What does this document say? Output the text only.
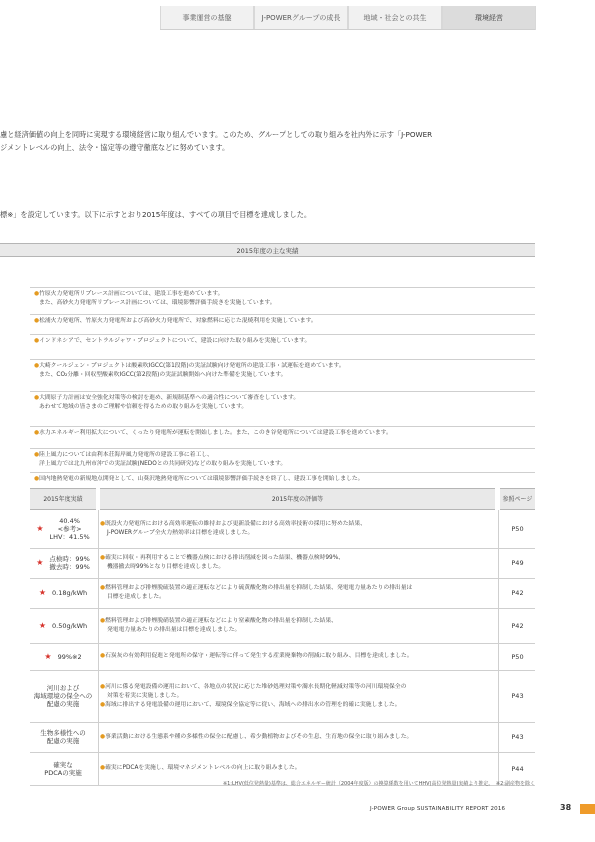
事業運営の基盤	J-POWERグループの成長	地域・社会との共生	環境経営

慮と経済価値の向上を同時に実現する環境経営に取り組んでいます。このため、グループとしての取り組みを社内外に示す「J-POWER

ジメントレベルの向上、法令・協定等の遵守徹底などに努めています。

標※」を設定しています。以下に示すとおり2015年度は、すべての項目で目標を達成しました。

2015年度の主な実績
●竹原火力発電所リプレース計画については、建設工事を進めています。
また、高砂火力発電所リプレース計画については、環境影響評価手続きを実施しています。
●松浦火力発電所、竹原火力発電所および高砂火力発電所で、対象燃料に応じた混焼利用を実施しています。
●インドネシアで、セントラルジャワ・プロジェクトについて、建設に向けた取り組みを実施しています。
●大崎クールジェン・プロジェクトは酸素吹IGCC(第1段階)の実証試験向け発電所の建設工事・試運転を進めています。
また、CO₂分離・回収型酸素吹IGCC(第2段階)の実証試験開始へ向けた準備を実施しています。
●大間原子力計画は安全強化対策等の検討を進め、新規制基準への適合性について審査をしています。
あわせて地域の皆さまのご理解や信頼を得るための取り組みを実施しています。
●水力エネルギー利用拡大について、くったり発電所が運転を開始しました。また、このき谷発電所については建設工事を進めています。
●陸上風力については由利本荘海岸風力発電所の建設工事に着工し、
洋上風力では北九州市沖での実証試験(NEDOとの共同研究)などの取り組みを実施しています。
●国内地熱発電の新規地点開発として、山葵沢地熱発電所については環境影響評価手続きを終了し、建設工事を開始しました。
2015年度実績	2015年度の評価等	参照ページ
★
40.4%
<参考>
LHV：41.5%
●既設火力発電所における高効率運転の維持および更新設備における高効率技術の採用に努めた結果、
J-POWERグループ全火力熱効率は目標を達成しました。	P50
★ 点検時：99%
撤去時：99%
●確実に回収・再利用することで機器点検における排出削減を図った結果、機器点検時99%、
機器撤去時99%となり目標を達成しました。	P49
★ 0.18g/kWh
●燃料管理および排煙脱硫装置の適正運転などにより硫黄酸化物の排出量を抑制した結果、発電電力量あたりの排出量は
目標を達成しました。	P42
★ 0.50g/kWh
●燃料管理および排煙脱硝装置の適正運転などにより窒素酸化物の排出量を抑制した結果、
発電電力量あたりの排出量は目標を達成しました。	P42
★ 99%※2	●石炭灰の有効利用促進と発電所の保守・運転等に伴って発生する産業廃棄物の削減に取り組み、目標を達成しました。	P50
河川および
海域環境の保全への
配慮の実施
●河川に係る発電設備の運用において、各地点の状況に応じた堆砂処理対策や濁水長期化軽減対策等の河川環境保全の
対策を着実に実施しました。
●海域に排出する発電設備の運用において、環境保全協定等に従い、海域への排出水の管理を的確に実施しました。
P43
生物多様性への
配慮の実施
●事業活動における生態系や種の多様性の保全に配慮し、希少動植物およびその生息、生育地の保全に取り組みました。	P43
確実な
PDCAの実施
●確実にPDCAを実施し、環境マネジメントレベルの向上に取り組みました。	P44
※1:LHV(低位発熱量)基準は、総合エネルギー統計（2004年度版）の換算係数を用いてHHV(高位発熱量)実績より推定。　※2:副産物を除く
J-POWER Group SUSTAINABILITY REPORT 2016	38
